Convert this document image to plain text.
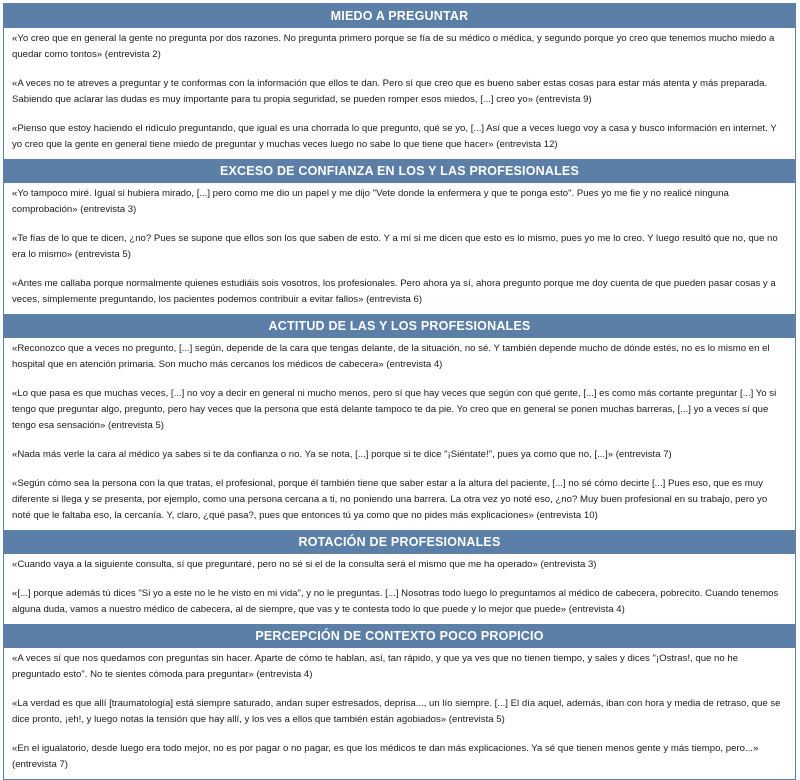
MIEDO A PREGUNTAR

«Yo creo que en general la gente no pregunta por dos razones. No pregunta primero porque se fía de su médico o médica, y segundo porque yo creo que tenemos mucho miedo a quedar como tontos» (entrevista 2)

«A veces no te atreves a preguntar y te conformas con la información que ellos te dan. Pero sí que creo que es bueno saber estas cosas para estar más atenta y más preparada. Sabiendo que aclarar las dudas es muy importante para tu propia seguridad, se pueden romper esos miedos, [...] creo yo» (entrevista 9)

«Pienso que estoy haciendo el ridículo preguntando, que igual es una chorrada lo que pregunto, qué se yo, [...] Así que a veces luego voy a casa y busco información en internet. Y yo creo que la gente en general tiene miedo de preguntar y muchas veces luego no sabe lo que tiene que hacer» (entrevista 12)

EXCESO DE CONFIANZA EN LOS Y LAS PROFESIONALES

«Yo tampoco miré. Igual si hubiera mirado, [...] pero como me dio un papel y me dijo "Vete donde la enfermera y que te ponga esto". Pues yo me fie y no realicé ninguna comprobación» (entrevista 3)

«Te fías de lo que te dicen, ¿no? Pues se supone que ellos son los que saben de esto. Y a mí si me dicen que esto es lo mismo, pues yo me lo creo. Y luego resultó que no, que no era lo mismo» (entrevista 5)

«Antes me callaba porque normalmente quienes estudiáis sois vosotros, los profesionales. Pero ahora ya sí, ahora pregunto porque me doy cuenta de que pueden pasar cosas y a veces, simplemente preguntando, los pacientes podemos contribuir a evitar fallos» (entrevista 6)

ACTITUD DE LAS Y LOS PROFESIONALES

«Reconozco que a veces no pregunto, [...] según, depende de la cara que tengas delante, de la situación, no sé. Y también depende mucho de dónde estés, no es lo mismo en el hospital que en atención primaria. Son mucho más cercanos los médicos de cabecera» (entrevista 4)

«Lo que pasa es que muchas veces, [...] no voy a decir en general ni mucho menos, pero sí que hay veces que según con qué gente, [...] es como más cortante preguntar [...] Yo si tengo que preguntar algo, pregunto, pero hay veces que la persona que está delante tampoco te da pie. Yo creo que en general se ponen muchas barreras, [...] yo a veces sí que tengo esa sensación» (entrevista 5)

«Nada más verle la cara al médico ya sabes si te da confianza o no. Ya se nota, [...] porque si te dice "¡Siéntate!", pues ya como que no, [...]» (entrevista 7)

«Según cómo sea la persona con la que tratas, el profesional, porque él también tiene que saber estar a la altura del paciente, [...] no sé cómo decirte [...] Pues eso, que es muy diferente si llega y se presenta, por ejemplo, como una persona cercana a ti, no poniendo una barrera. La otra vez yo noté eso, ¿no? Muy buen profesional en su trabajo, pero yo noté que le faltaba eso, la cercanía. Y, claro, ¿qué pasa?, pues que entonces tú ya como que no pides más explicaciones» (entrevista 10)

ROTACIÓN DE PROFESIONALES

«Cuando vaya a la siguiente consulta, sí que preguntaré, pero no sé si el de la consulta será el mismo que me ha operado» (entrevista 3)

«[...] porque además tú dices "Si yo a este no le he visto en mi vida", y no le preguntas. [...] Nosotras todo luego lo preguntamos al médico de cabecera, pobrecito. Cuando tenemos alguna duda, vamos a nuestro médico de cabecera, al de siempre, que vas y te contesta todo lo que puede y lo mejor que puede» (entrevista 4)

PERCEPCIÓN DE CONTEXTO POCO PROPICIO

«A veces sí que nos quedamos con preguntas sin hacer. Aparte de cómo te hablan, así, tan rápido, y que ya ves que no tienen tiempo, y sales y dices "¡Ostras!, que no he preguntado esto". No te sientes cómoda para preguntar» (entrevista 4)

«La verdad es que allí [traumatología] está siempre saturado, andan super estresados, deprisa..., un lío siempre. [...] El día aquel, además, iban con hora y media de retraso, que se dice pronto, ¡eh!, y luego notas la tensión que hay allí, y los ves a ellos que también están agobiados» (entrevista 5)

«En el igualatorio, desde luego era todo mejor, no es por pagar o no pagar, es que los médicos te dan más explicaciones. Ya sé que tienen menos gente y más tiempo, pero...» (entrevista 7)
